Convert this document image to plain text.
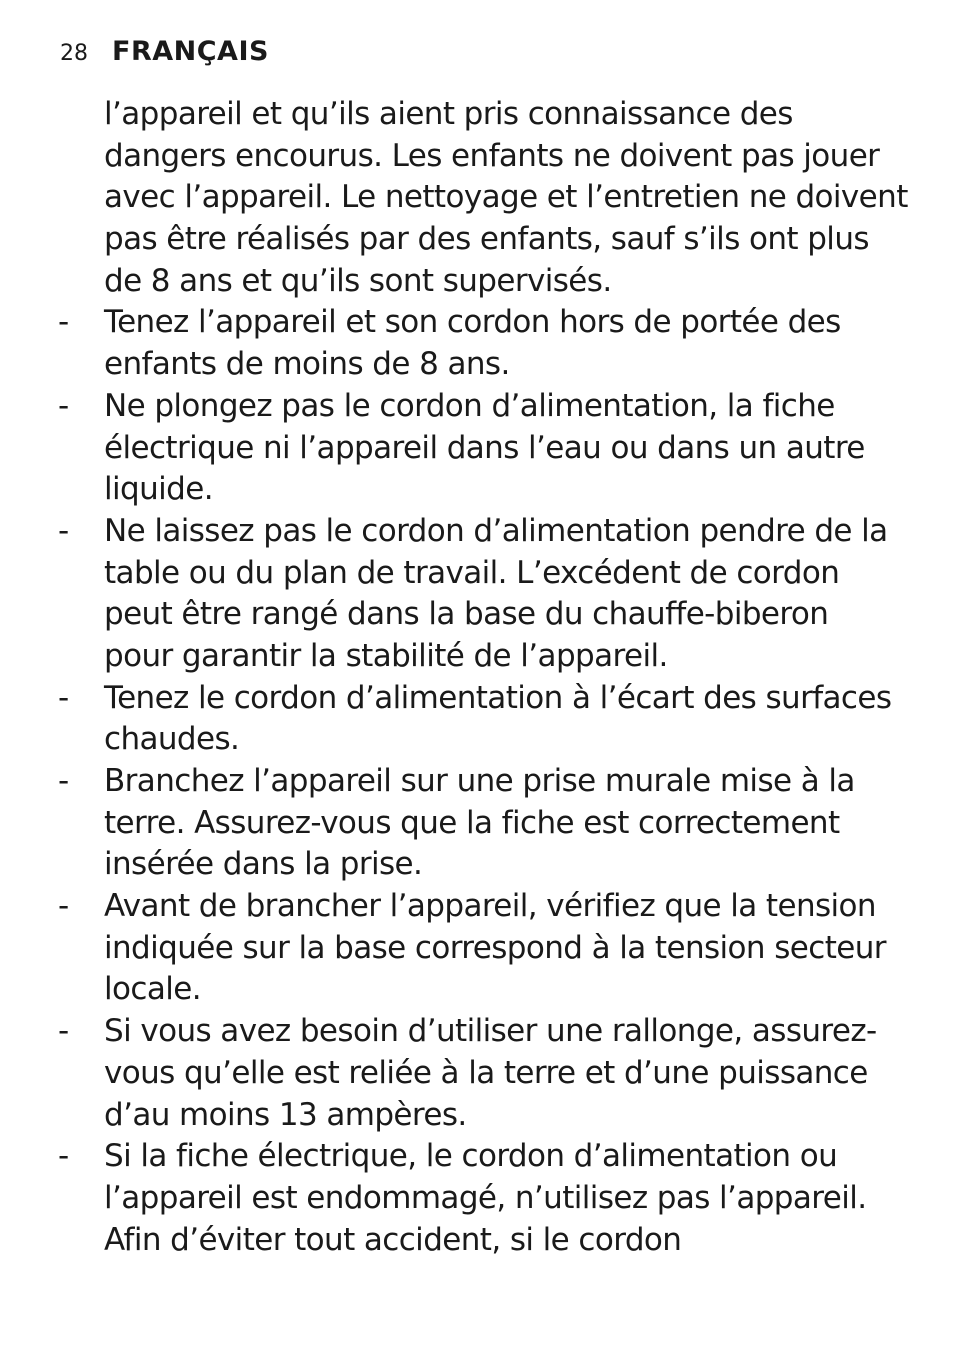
28 FRANÇAIS
l’appareil et qu’ils aient pris connaissance des
dangers encourus. Les enfants ne doivent pas jouer
avec l’appareil. Le nettoyage et l’entretien ne doivent
pas être réalisés par des enfants, sauf s’ils ont plus
de 8 ans et qu’ils sont supervisés.
- Tenez l’appareil et son cordon hors de portée des
enfants de moins de 8 ans.
- Ne plongez pas le cordon d’alimentation, la fiche
électrique ni l’appareil dans l’eau ou dans un autre
liquide.
- Ne laissez pas le cordon d’alimentation pendre de la
table ou du plan de travail. L’excédent de cordon
peut être rangé dans la base du chauffe-biberon
pour garantir la stabilité de l’appareil.
- Tenez le cordon d’alimentation à l’écart des surfaces
chaudes.
- Branchez l’appareil sur une prise murale mise à la
terre. Assurez-vous que la fiche est correctement
insérée dans la prise.
- Avant de brancher l’appareil, vérifiez que la tension
indiquée sur la base correspond à la tension secteur
locale.
- Si vous avez besoin d’utiliser une rallonge, assurez-
vous qu’elle est reliée à la terre et d’une puissance
d’au moins 13 ampères.
- Si la fiche électrique, le cordon d’alimentation ou
l’appareil est endommagé, n’utilisez pas l’appareil.
Afin d’éviter tout accident, si le cordon
